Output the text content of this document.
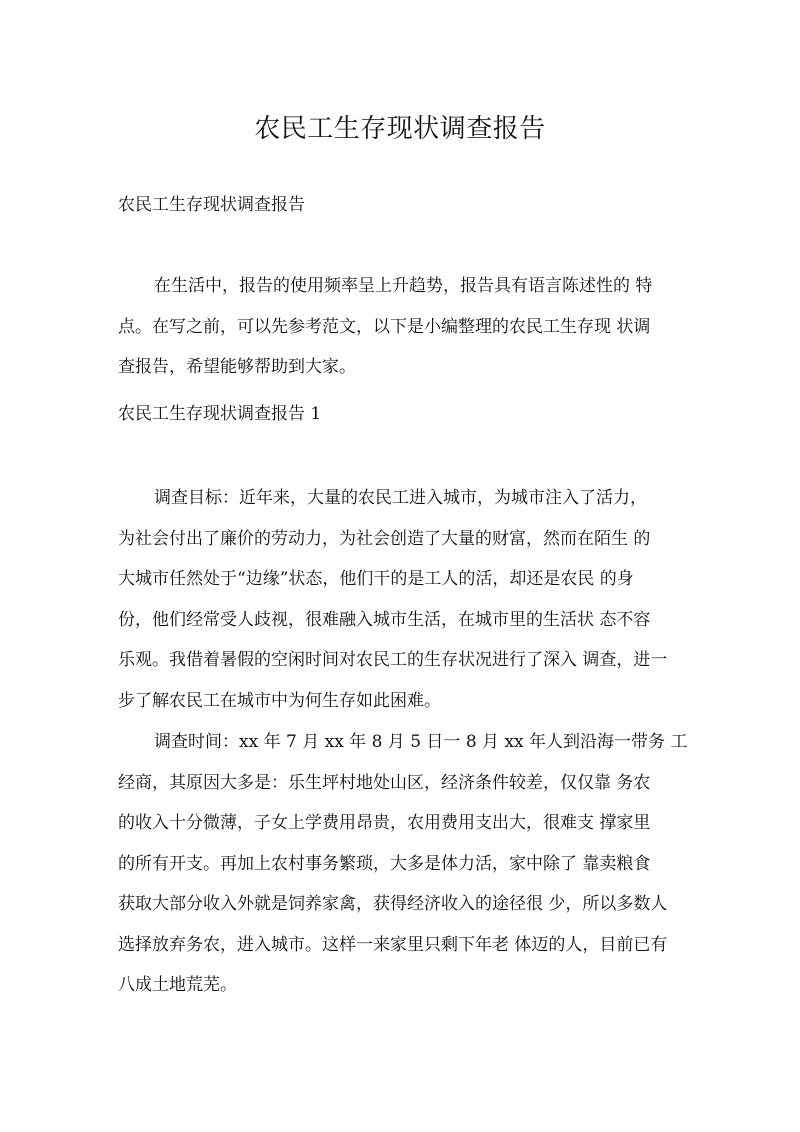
农民工生存现状调查报告
农民工生存现状调查报告
在生活中，报告的使用频率呈上升趋势，报告具有语言陈述性的 特
点。在写之前，可以先参考范文，以下是小编整理的农民工生存现 状调
查报告，希望能够帮助到大家。
农民工生存现状调查报告 1
调查目标：近年来，大量的农民工进入城市，为城市注入了活力，
为社会付出了廉价的劳动力，为社会创造了大量的财富，然而在陌生 的
大城市任然处于“边缘”状态，他们干的是工人的活，却还是农民 的身
份，他们经常受人歧视，很难融入城市生活，在城市里的生活状 态不容
乐观。我借着暑假的空闲时间对农民工的生存状况进行了深入 调查，进一
步了解农民工在城市中为何生存如此困难。
调查时间：xx 年 7 月 xx 年 8 月 5 日一 8 月 xx 年人到沿海一带务 工
经商，其原因大多是：乐生坪村地处山区，经济条件较差，仅仅靠 务农
的收入十分微薄，子女上学费用昂贵，农用费用支出大，很难支 撑家里
的所有开支。再加上农村事务繁琐，大多是体力活，家中除了 靠卖粮食
获取大部分收入外就是饲养家禽，获得经济收入的途径很 少，所以多数人
选择放弃务农，进入城市。这样一来家里只剩下年老 体迈的人，目前已有
八成土地荒芜。
